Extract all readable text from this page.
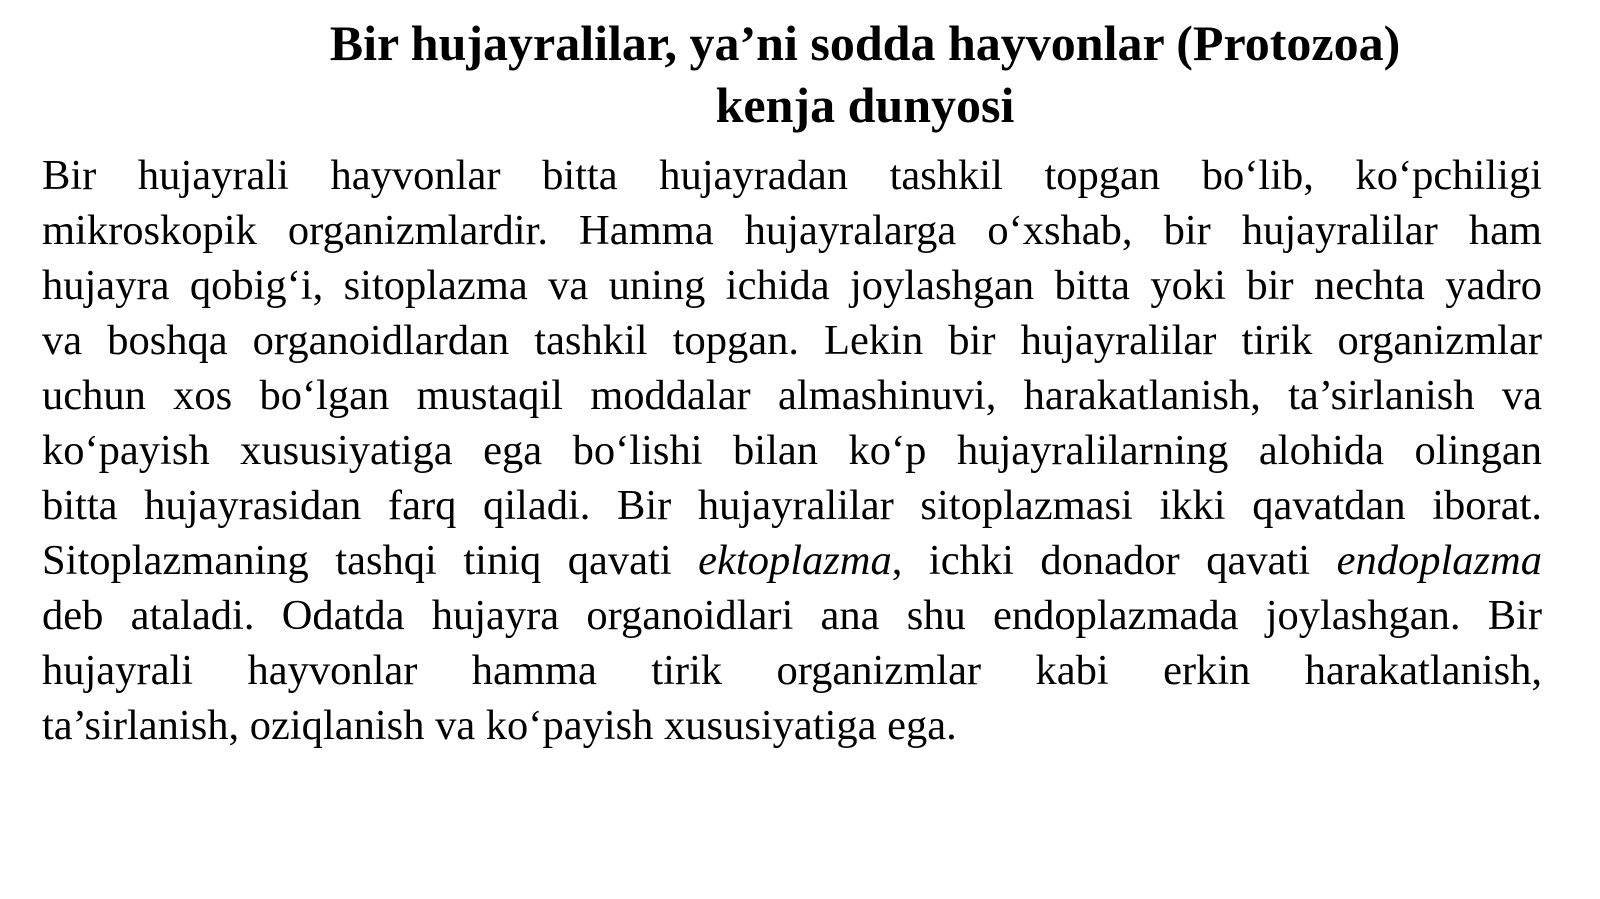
Bir hujayralilar, ya’ni sodda hayvonlar (Protozoa)
kenja dunyosi
Bir hujayrali hayvonlar bitta hujayradan tashkil topgan bo‘lib, ko‘pchiligi
mikroskopik organizmlardir. Hamma hujayralarga o‘xshab, bir hujayralilar ham
hujayra qobig‘i, sitoplazma va uning ichida joylashgan bitta yoki bir nechta yadro
va boshqa organoidlardan tashkil topgan. Lekin bir hujayralilar tirik organizmlar
uchun xos bo‘lgan mustaqil moddalar almashinuvi, harakatlanish, ta’sirlanish va
ko‘payish xususiyatiga ega bo‘lishi bilan ko‘p hujayralilarning alohida olingan
bitta hujayrasidan farq qiladi. Bir hujayralilar sitoplazmasi ikki qavatdan iborat.
Sitoplazmaning tashqi tiniq qavati ektoplazma, ichki donador qavati endoplazma
deb ataladi. Odatda hujayra organoidlari ana shu endoplazmada joylashgan. Bir
hujayrali hayvonlar hamma tirik organizmlar kabi erkin harakatlanish,
ta’sirlanish, oziqlanish va ko‘payish xususiyatiga ega.
